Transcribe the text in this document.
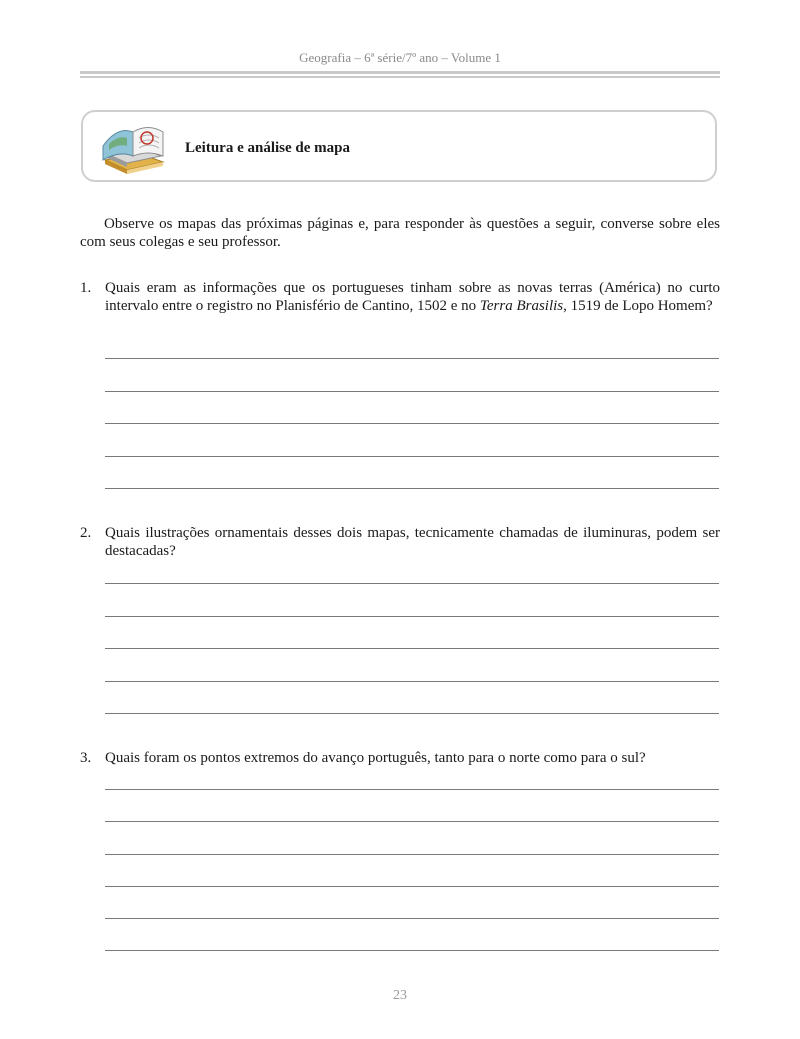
Geografia – 6ª série/7º ano – Volume 1
Leitura e análise de mapa

Observe os mapas das próximas páginas e, para responder às questões a seguir, converse sobre eles com seus colegas e seu professor.

1. Quais eram as informações que os portugueses tinham sobre as novas terras (América) no curto intervalo entre o registro no Planisfério de Cantino, 1502 e no Terra Brasilis, 1519 de Lopo Homem?
2. Quais ilustrações ornamentais desses dois mapas, tecnicamente chamadas de iluminuras, podem ser destacadas?
3. Quais foram os pontos extremos do avanço português, tanto para o norte como para o sul?
23
